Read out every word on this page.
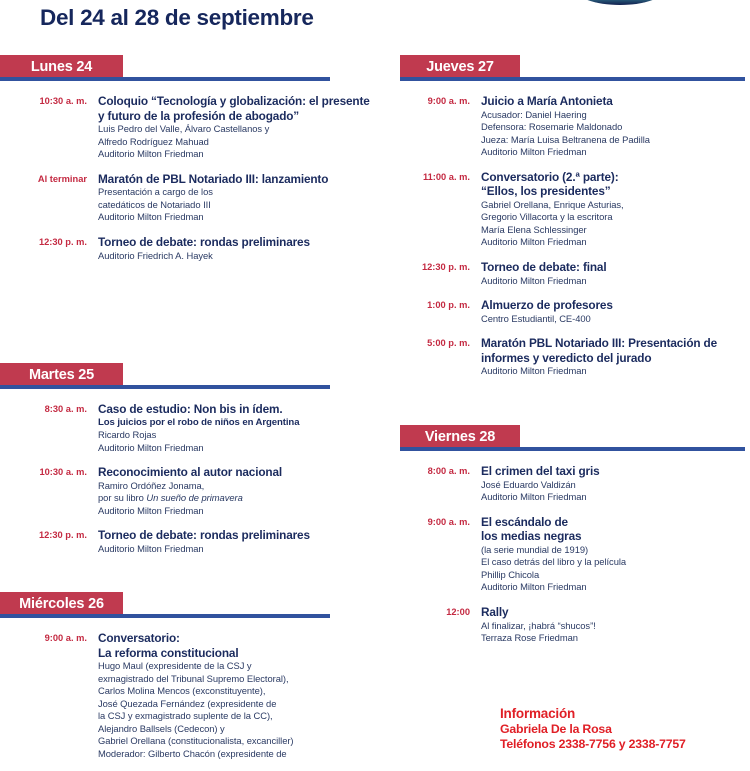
Del 24 al 28 de septiembre
Lunes 24
10:30 a. m. Coloquio “Tecnología y globalización: el presente y futuro de la profesión de abogado”
Luis Pedro del Valle, Álvaro Castellanos y
Alfredo Rodríguez Mahuad
Auditorio Milton Friedman
Al terminar Maratón de PBL Notariado III: lanzamiento
Presentación a cargo de los
catedáticos de Notariado III
Auditorio Milton Friedman
12:30 p. m. Torneo de debate: rondas preliminares
Auditorio Friedrich A. Hayek
Martes 25
8:30 a. m. Caso de estudio: Non bis in ídem.
Los juicios por el robo de niños en Argentina
Ricardo Rojas
Auditorio Milton Friedman
10:30 a. m. Reconocimiento al autor nacional
Ramiro Ordóñez Jonama,
por su libro Un sueño de primavera
Auditorio Milton Friedman
12:30 p. m. Torneo de debate: rondas preliminares
Auditorio Milton Friedman
Miércoles 26
9:00 a. m. Conversatorio:
La reforma constitucional
Hugo Maul (expresidente de la CSJ y
exmagistrado del Tribunal Supremo Electoral),
Carlos Molina Mencos (exconstituyente),
José Quezada Fernández (expresidente de
la CSJ y exmagistrado suplente de la CC),
Alejandro Ballsels (Cedecon) y
Gabriel Orellana (constitucionalista, excanciller)
Moderador: Gilberto Chacón (expresidente de
Jueves 27
9:00 a. m. Juicio a María Antonieta
Acusador: Daniel Haering
Defensora: Rosemarie Maldonado
Jueza: María Luisa Beltranena de Padilla
Auditorio Milton Friedman
11:00 a. m. Conversatorio (2.ª parte):
“Ellos, los presidentes”
Gabriel Orellana, Enrique Asturias,
Gregorio Villacorta y la escritora
María Elena Schlessinger
Auditorio Milton Friedman
12:30 p. m. Torneo de debate: final
Auditorio Milton Friedman
1:00 p. m. Almuerzo de profesores
Centro Estudiantil, CE-400
5:00 p. m. Maratón PBL Notariado III: Presentación de informes y veredicto del jurado
Auditorio Milton Friedman
Viernes 28
8:00 a. m. El crimen del taxi gris
José Eduardo Valdizán
Auditorio Milton Friedman
9:00 a. m. El escándalo de
los medias negras
(la serie mundial de 1919)
El caso detrás del libro y la película
Phillip Chicola
Auditorio Milton Friedman
12:00 Rally
Al finalizar, ¡habrá “shucos”!
Terraza Rose Friedman
Información
Gabriela De la Rosa
Teléfonos 2338-7756 y 2338-7757
